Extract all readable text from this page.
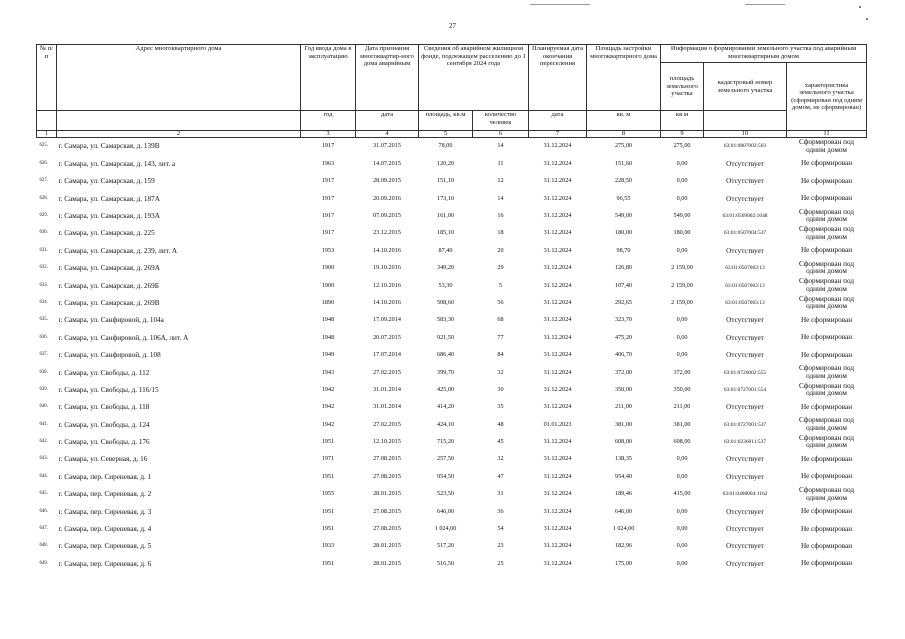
27
№ п/п	Адрес многоквартирного дома	Год ввода дома в эксплуатацию	Дата признания многоквартир-ного дома аварийным	Сведения об аварийном жилищном фонде, подлежащем расселению до 1 сентября 2024 года		Планируемая дата окончания переселения	Площадь застройки многоквартирного дома	Информация о формировании земельного участка под аварийным многоквартирным домом		
								площадь земельного участка	кадастровый номер земельного участка	характеристика земельного участка (сформирован под одним домом, не сформирован)
		год	дата	площадь, кв.м	количество человек	дата	кв. м	кв.м		
1	2	3	4	5	6	7	8	9	10	11
625.	г. Самара, ул. Самарская, д. 139В	1917	31.07.2015	78,00	14	31.12.2024	275,00	275,00	63:01:0807002:503	Сформирован под одним домом
626.	г. Самара, ул. Самарская, д. 143, лит. а	1963	14.07.2015	120,20	11	31.12.2024	151,60	0,00	Отсутствует	Не сформирован
627.	г. Самара, ул. Самарская, д. 159	1917	28.09.2015	151,10	12	31.12.2024	228,50	0,00	Отсутствует	Не сформирован
628.	г. Самара, ул. Самарская, д. 187А	1917	20.09.2016	173,10	14	31.12.2024	96,55	0,00	Отсутствует	Не сформирован
629.	г. Самара, ул. Самарская, д. 193А	1917	07.09.2015	161,00	16	31.12.2024	549,00	549,00	63:01:0509002:1048	Сформирован под одним домом
630.	г. Самара, ул. Самарская, д. 225	1917	23.12.2015	185,10	18	31.12.2024	180,00	180,00	63:01:0507004:537	Сформирован под одним домом
631.	г. Самара, ул. Самарская, д. 239, лит. А	1953	14.10.2016	87,40	20	31.12.2024	98,70	0,00	Отсутствует	Не сформирован
632.	г. Самара, ул. Самарская, д. 269А	1900	19.10.2016	349,20	29	31.12.2024	126,80	2 159,00	63:01:0507003:13	Сформирован под одним домом
633.	г. Самара, ул. Самарская, д. 269Б	1900	12.10.2016	53,30	5	31.12.2024	107,40	2 159,00	63:01:0507003:13	Сформирован под одним домом
634.	г. Самара, ул. Самарская, д. 269В	1890	14.10.2016	508,60	56	31.12.2024	292,65	2 159,00	63:01:0507003:13	Сформирован под одним домом
635.	г. Самара, ул. Санфировой, д. 104а	1948	17.09.2014	583,30	68	31.12.2024	323,70	0,00	Отсутствует	Не сформирован
636.	г. Самара, ул. Санфировой, д. 106А, лит. А	1948	20.07.2015	921,50	77	31.12.2024	475,20	0,00	Отсутствует	Не сформирован
637.	г. Самара, ул. Санфировой, д. 108	1949	17.07.2014	686,40	84	31.12.2024	406,70	0,00	Отсутствует	Не сформирован
638.	г. Самара, ул. Свободы, д. 112	1943	27.02.2015	399,70	32	31.12.2024	372,00	372,00	63:01:0726002:555	Сформирован под одним домом
639.	г. Самара, ул. Свободы, д. 116/15	1942	31.01.2014	425,00	30	31.12.2024	350,00	350,00	63:01:0727001:554	Сформирован под одним домом
640.	г. Самара, ул. Свободы, д. 118	1942	31.01.2014	414,20	35	31.12.2024	211,00	211,00	Отсутствует	Не сформирован
641.	г. Самара, ул. Свободы, д. 124	1942	27.02.2015	424,10	48	01.01.2023	381,00	381,00	63:01:0727001:537	Сформирован под одним домом
642.	г. Самара, ул. Свободы, д. 176	1951	12.10.2015	715,20	45	31.12.2024	608,00	608,00	63:01:0236011:537	Сформирован под одним домом
643.	г. Самара, ул. Северная, д. 16	1971	27.08.2015	257,50	32	31.12.2024	138,35	0,00	Отсутствует	Не сформирован
644.	г. Самара, пер. Сиреневая, д. 1	1951	27.08.2015	954,50	47	31.12.2024	954,40	0,00	Отсутствует	Не сформирован
645.	г. Самара, пер. Сиреневая, д. 2	1955	28.01.2015	523,50	31	31.12.2024	189,46	415,00	63:01:0408004:1162	Сформирован под одним домом
646.	г. Самара, пер. Сиреневая, д. 3	1951	27.08.2015	646,00	36	31.12.2024	646,00	0,00	Отсутствует	Не сформирован
647.	г. Самара, пер. Сиреневая, д. 4	1951	27.08.2015	1 024,00	54	31.12.2024	1 024,00	0,00	Отсутствует	Не сформирован
648.	г. Самара, пер. Сиреневая, д. 5	1933	28.01.2015	517,20	23	31.12.2024	182,96	0,00	Отсутствует	Не сформирован
649.	г. Самара, пер. Сиреневая, д. 6	1951	28.01.2015	516,50	25	31.12.2024	175,00	0,00	Отсутствует	Не сформирован
